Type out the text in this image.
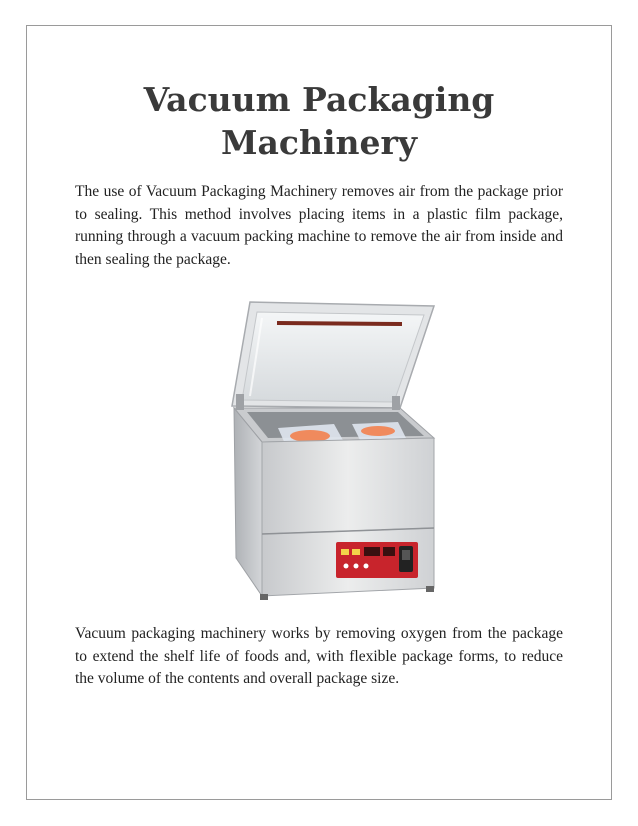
Vacuum Packaging
Machinery

The use of Vacuum Packaging Machinery removes air from the package prior to sealing. This method involves placing items in a plastic film package, running through a vacuum packing machine to remove the air from inside and then sealing the package.

Vacuum packaging machinery works by removing oxygen from the package to extend the shelf life of foods and, with flexible package forms, to reduce the volume of the contents and overall package size.
